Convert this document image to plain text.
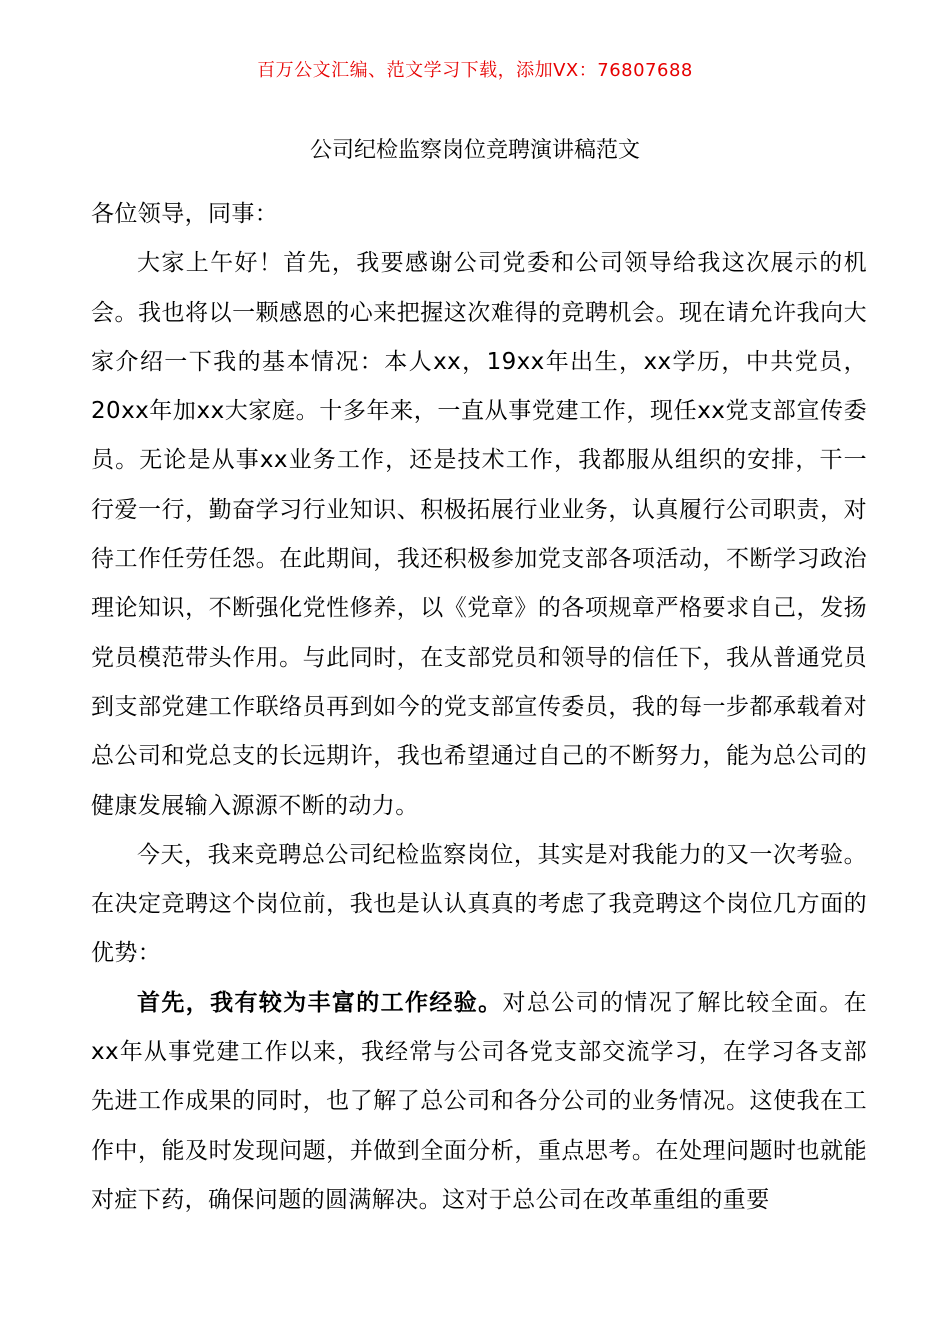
百万公文汇编、范文学习下载，添加VX：76807688
公司纪检监察岗位竞聘演讲稿范文

各位领导，同事：

大家上午好！首先，我要感谢公司党委和公司领导给我这次展示的机会。我也将以一颗感恩的心来把握这次难得的竞聘机会。现在请允许我向大家介绍一下我的基本情况：本人xx，19xx年出生，xx学历，中共党员，20xx年加xx大家庭。十多年来，一直从事党建工作，现任xx党支部宣传委员。无论是从事xx业务工作，还是技术工作，我都服从组织的安排，干一行爱一行，勤奋学习行业知识、积极拓展行业业务，认真履行公司职责，对待工作任劳任怨。在此期间，我还积极参加党支部各项活动，不断学习政治理论知识，不断强化党性修养，以《党章》的各项规章严格要求自己，发扬党员模范带头作用。与此同时，在支部党员和领导的信任下，我从普通党员到支部党建工作联络员再到如今的党支部宣传委员，我的每一步都承载着对总公司和党总支的长远期许，我也希望通过自己的不断努力，能为总公司的健康发展输入源源不断的动力。

今天，我来竞聘总公司纪检监察岗位，其实是对我能力的又一次考验。在决定竞聘这个岗位前，我也是认认真真的考虑了我竞聘这个岗位几方面的优势：

首先，我有较为丰富的工作经验。对总公司的情况了解比较全面。在xx年从事党建工作以来，我经常与公司各党支部交流学习，在学习各支部先进工作成果的同时，也了解了总公司和各分公司的业务情况。这使我在工作中，能及时发现问题，并做到全面分析，重点思考。在处理问题时也就能对症下药，确保问题的圆满解决。这对于总公司在改革重组的重要
